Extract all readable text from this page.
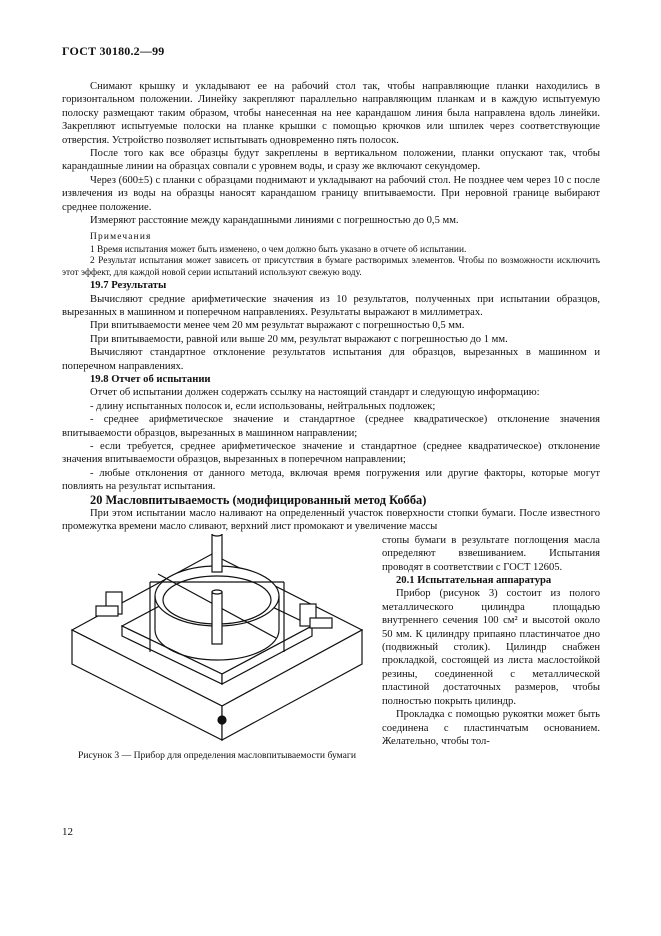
ГОСТ 30180.2—99

Снимают крышку и укладывают ее на рабочий стол так, чтобы направляющие планки находились в горизонтальном положении. Линейку закрепляют параллельно направляющим планкам и в каждую испытуемую полоску размещают таким образом, чтобы нанесенная на нее карандашом линия была направлена вдоль линейки. Закрепляют испытуемые полоски на планке крышки с помощью крючков или шпилек через соответствующие отверстия. Устройство позволяет испытывать одновременно пять полосок.

После того как все образцы будут закреплены в вертикальном положении, планки опускают так, чтобы карандашные линии на образцах совпали с уровнем воды, и сразу же включают секундомер.

Через (600±5) с планки с образцами поднимают и укладывают на рабочий стол. Не позднее чем через 10 с после извлечения из воды на образцы наносят карандашом границу впитываемости. При неровной границе выбирают среднее положение.

Измеряют расстояние между карандашными линиями с погрешностью до 0,5 мм.

Примечания

1 Время испытания может быть изменено, о чем должно быть указано в отчете об испытании.

2 Результат испытания может зависеть от присутствия в бумаге растворимых элементов. Чтобы по возможности исключить этот эффект, для каждой новой серии испытаний используют свежую воду.

19.7 Результаты

Вычисляют средние арифметические значения из 10 результатов, полученных при испытании образцов, вырезанных в машинном и поперечном направлениях. Результаты выражают в миллиметрах.

При впитываемости менее чем 20 мм результат выражают с погрешностью 0,5 мм.

При впитываемости, равной или выше 20 мм, результат выражают с погрешностью до 1 мм.

Вычисляют стандартное отклонение результатов испытания для образцов, вырезанных в машинном и поперечном направлениях.

19.8 Отчет об испытании

Отчет об испытании должен содержать ссылку на настоящий стандарт и следующую информацию:

- длину испытанных полосок и, если использованы, нейтральных подложек;

- среднее арифметическое значение и стандартное (среднее квадратическое) отклонение значения впитываемости образцов, вырезанных в машинном направлении;

- если требуется, среднее арифметическое значение и стандартное (среднее квадратическое) отклонение значения впитываемости образцов, вырезанных в поперечном направлении;

- любые отклонения от данного метода, включая время погружения или другие факторы, которые могут повлиять на результат испытания.

20 Масловпитываемость (модифицированный метод Кобба)

При этом испытании масло наливают на определенный участок поверхности стопки бумаги. После известного промежутка времени масло сливают, верхний лист промокают и увеличение массы

Рисунок 3 — Прибор для определения масловпитываемости бумаги

стопы бумаги в результате поглощения масла определяют взвешиванием. Испытания проводят в соответствии с ГОСТ 12605.

20.1 Испытательная аппаратура

Прибор (рисунок 3) состоит из полого металлического цилиндра площадью внутреннего сечения 100 см² и высотой около 50 мм. К цилиндру припаяно пластинчатое дно (подвижный столик). Цилиндр снабжен прокладкой, состоящей из листа маслостойкой резины, соединенной с металлической пластиной достаточных размеров, чтобы полностью покрыть цилиндр.

Прокладка с помощью рукоятки может быть соединена с пластинчатым основанием. Желательно, чтобы тол-

12
